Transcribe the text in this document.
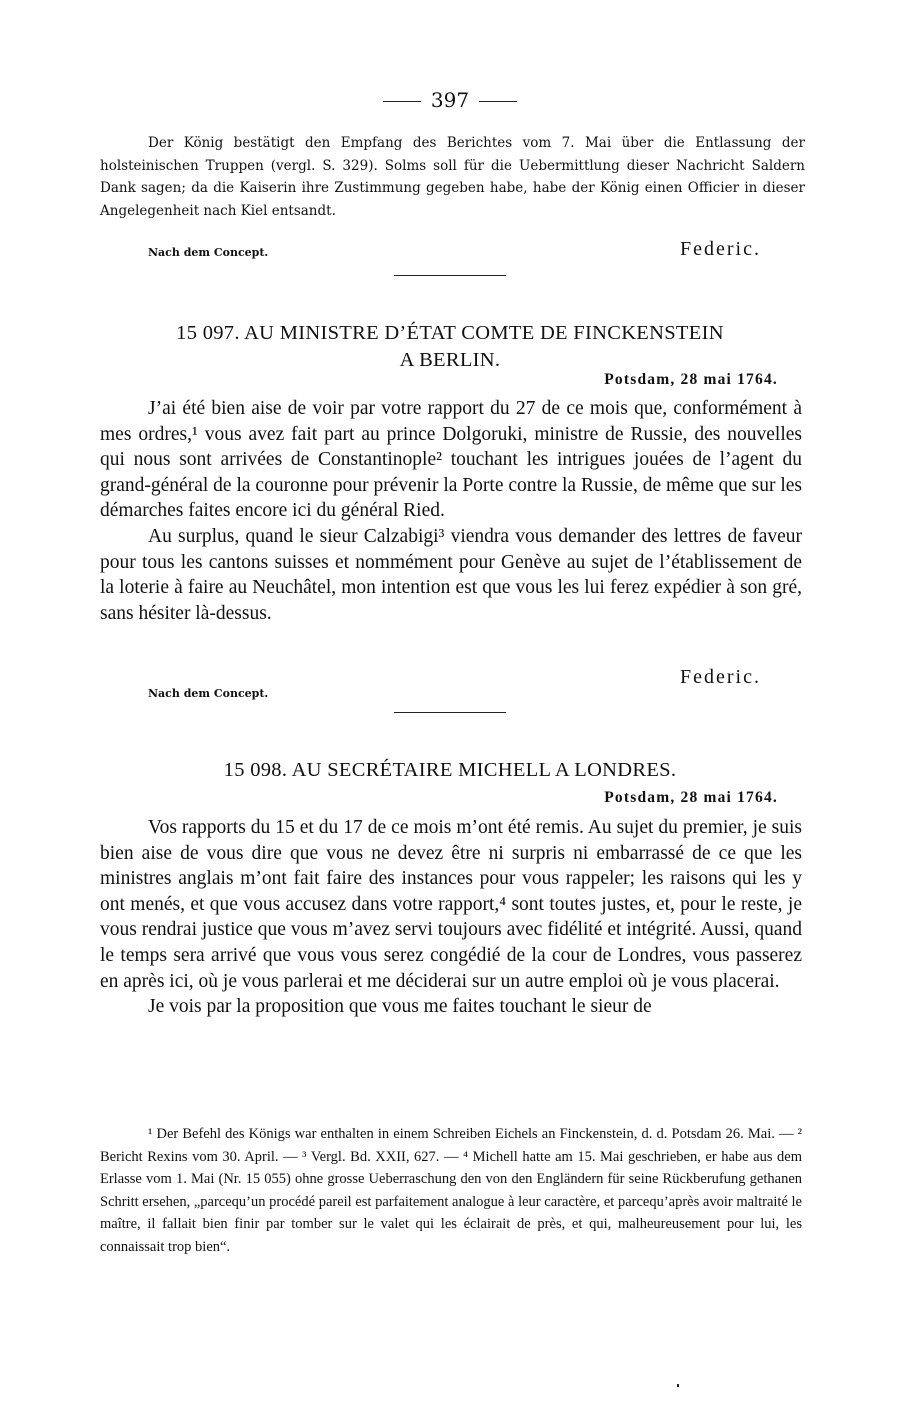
397

Der König bestätigt den Empfang des Berichtes vom 7. Mai über die Entlassung der holsteinischen Truppen (vergl. S. 329). Solms soll für die Uebermittlung dieser Nachricht Saldern Dank sagen; da die Kaiserin ihre Zustimmung gegeben habe, habe der König einen Officier in dieser Angelegenheit nach Kiel entsandt.

Nach dem Concept.	Federic.
15 097. AU MINISTRE D’ÉTAT COMTE DE FINCKENSTEIN
A BERLIN.
Potsdam, 28 mai 1764.

J’ai été bien aise de voir par votre rapport du 27 de ce mois que, conformément à mes ordres,¹ vous avez fait part au prince Dolgoruki, ministre de Russie, des nouvelles qui nous sont arrivées de Constantinople² touchant les intrigues jouées de l’agent du grand-général de la couronne pour prévenir la Porte contre la Russie, de même que sur les démarches faites encore ici du général Ried.

Au surplus, quand le sieur Calzabigi³ viendra vous demander des lettres de faveur pour tous les cantons suisses et nommément pour Genève au sujet de l’établissement de la loterie à faire au Neuchâtel, mon intention est que vous les lui ferez expédier à son gré, sans hésiter là-dessus.

Federic.
Nach dem Concept.
15 098. AU SECRÉTAIRE MICHELL A LONDRES.
Potsdam, 28 mai 1764.

Vos rapports du 15 et du 17 de ce mois m’ont été remis. Au sujet du premier, je suis bien aise de vous dire que vous ne devez être ni surpris ni embarrassé de ce que les ministres anglais m’ont fait faire des instances pour vous rappeler; les raisons qui les y ont menés, et que vous accusez dans votre rapport,⁴ sont toutes justes, et, pour le reste, je vous rendrai justice que vous m’avez servi toujours avec fidélité et intégrité. Aussi, quand le temps sera arrivé que vous vous serez congédié de la cour de Londres, vous passerez en après ici, où je vous parlerai et me déciderai sur un autre emploi où je vous placerai.

Je vois par la proposition que vous me faites touchant le sieur de

¹ Der Befehl des Königs war enthalten in einem Schreiben Eichels an Finckenstein, d. d. Potsdam 26. Mai. — ² Bericht Rexins vom 30. April. — ³ Vergl. Bd. XXII, 627. — ⁴ Michell hatte am 15. Mai geschrieben, er habe aus dem Erlasse vom 1. Mai (Nr. 15 055) ohne grosse Ueberraschung den von den Engländern für seine Rückberufung gethanen Schritt ersehen, „parcequ’un procédé pareil est parfaitement analogue à leur caractère, et parcequ’après avoir maltraité le maître, il fallait bien finir par tomber sur le valet qui les éclairait de près, et qui, malheureusement pour lui, les connaissait trop bien“.
